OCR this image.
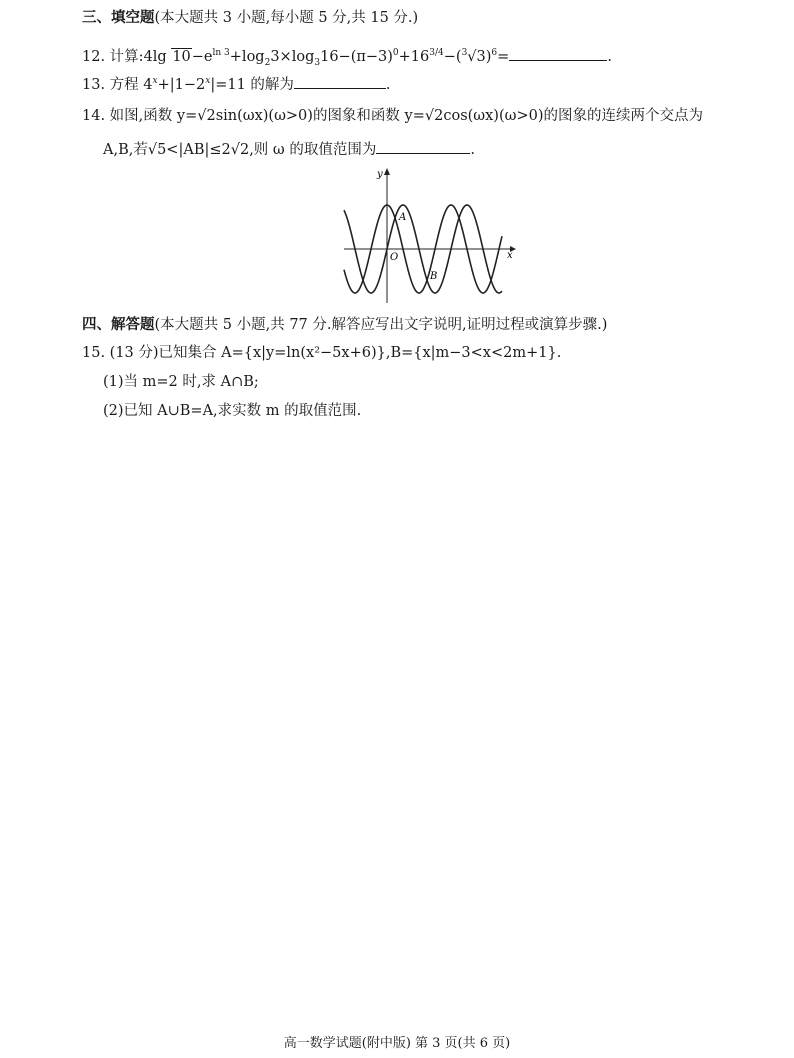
三、填空题(本大题共 3 小题,每小题 5 分,共 15 分.)
12. 计算:4lg $10-e^{ln 3}+\log_23\times\log_316-(\pi-3)^0+16^{3/4}-(^3√3)^6=$	.
13. 方程 $4^x+|1-2^x|=11$ 的解为	.
14. 如图,函数 y=√2sin(ωx)(ω>0)的图象和函数 y=√2cos(ωx)(ω>0)的图象的连续两个交点为
A,B,若√5<|AB|≤2√2,则 ω 的取值范围为	.
y
x
O
A
B
四、解答题(本大题共 5 小题,共 77 分.解答应写出文字说明,证明过程或演算步骤.)
15. (13 分)已知集合 A={x|y=ln(x²−5x+6)},B={x|m−3<x<2m+1}.
(1)当 m=2 时,求 A∩B;
(2)已知 A∪B=A,求实数 m 的取值范围.
高一数学试题(附中版) 第 3 页(共 6 页)
